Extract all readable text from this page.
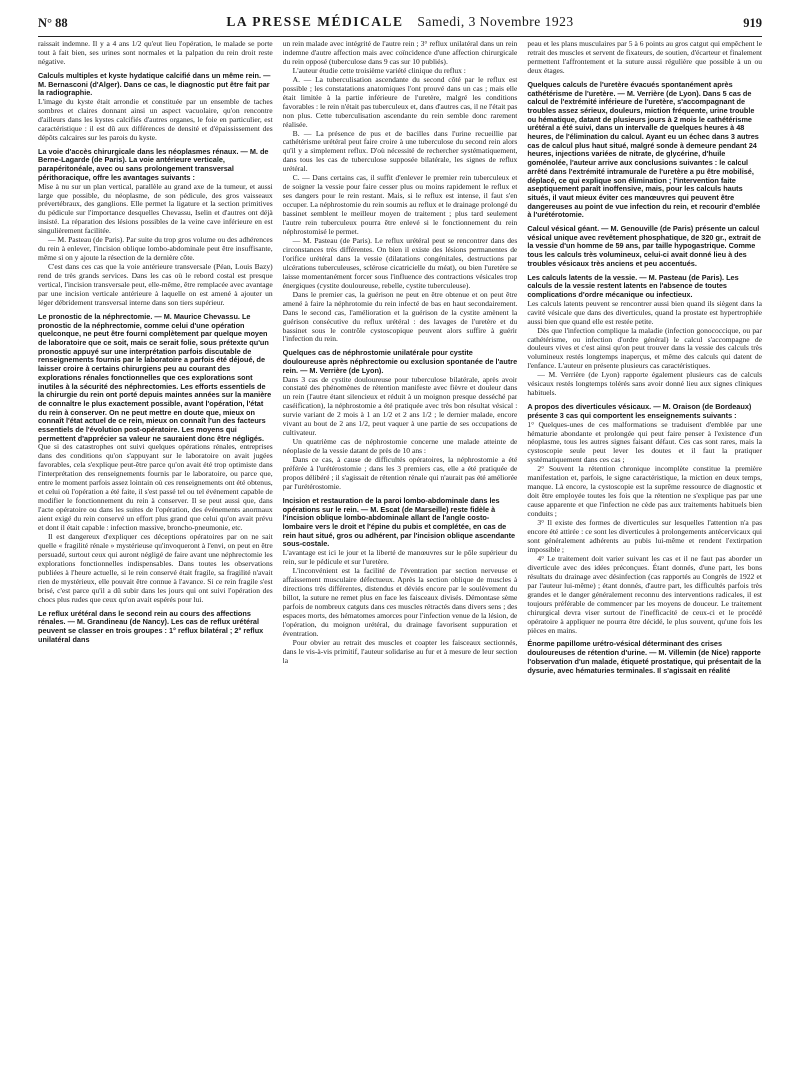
N° 88	LA PRESSE MÉDICALE Samedi, 3 Novembre 1923	919

raissait indemne. Il y a 4 ans 1/2 qu'eut lieu l'opération, le malade se porte tout à fait bien, ses urines sont normales et la palpation du rein droit reste négative.

Calculs multiples et kyste hydatique calcifié dans un même rein. — M. Bernasconi (d'Alger). Dans ce cas, le diagnostic put être fait par la radiographie.

L'image du kyste était arrondie et constituée par un ensemble de taches sombres et claires donnant ainsi un aspect vacuolaire, qu'on rencontre d'ailleurs dans les kystes calcifiés d'autres organes, le foie en particulier, est caractéristique : il est dû aux différences de densité et d'épaississement des dépôts calcaires sur les parois du kyste.

La voie d'accès chirurgicale dans les néoplasmes rénaux. — M. de Berne-Lagarde (de Paris). La voie antérieure verticale, parapéritonéale, avec ou sans prolongement transversal périthoracique, offre les avantages suivants :

Mise à nu sur un plan vertical, parallèle au grand axe de la tumeur, et aussi large que possible, du néoplasme, de son pédicule, des gros vaisseaux prévertébraux, des ganglions. Elle permet la ligature et la section primitives du pédicule sur l'importance desquelles Chevassu, Iselin et d'autres ont déjà insisté. La réparation des lésions possibles de la veine cave inférieure en est singulièrement facilitée.

— M. Pasteau (de Paris). Par suite du trop gros volume ou des adhérences du rein à enlever, l'incision oblique lombo-abdominale peut être insuffisante, même si on y ajoute la résection de la dernière côte.

C'est dans ces cas que la voie antérieure transversale (Péan, Louis Bazy) rend de très grands services. Dans les cas où le rebord costal est presque vertical, l'incision transversale peut, elle-même, être remplacée avec avantage par une incision verticale antérieure à laquelle on est amené à ajouter un léger débridement transversal interne dans son tiers supérieur.

Le pronostic de la néphrectomie. — M. Maurice Chevassu. Le pronostic de la néphrectomie, comme celui d'une opération quelconque, ne peut être fourni complètement par quelque moyen de laboratoire que ce soit, mais ce serait folie, sous prétexte qu'un pronostic appuyé sur une interprétation parfois discutable de renseignements fournis par le laboratoire a parfois été déjoué, de laisser croire à certains chirurgiens peu au courant des explorations rénales fonctionnelles que ces explorations sont inutiles à la sécurité des néphrectomies. Les efforts essentiels de la chirurgie du rein ont porté depuis maintes années sur la manière de connaître le plus exactement possible, avant l'opération, l'état du rein à conserver. On ne peut mettre en doute que, mieux on connaît l'état actuel de ce rein, mieux on connaît l'un des facteurs essentiels de l'évolution post-opératoire. Les moyens qui permettent d'apprécier sa valeur ne sauraient donc être négligés.

Que si des catastrophes ont suivi quelques opérations rénales, entreprises dans des conditions qu'on s'appuyant sur le laboratoire on avait jugées favorables, cela s'explique peut-être parce qu'on avait été trop optimiste dans l'interprétation des renseignements fournis par le laboratoire, ou parce que, entre le moment parfois assez lointain où ces renseignements ont été obtenus, et celui où l'opération a été faite, il s'est passé tel ou tel événement capable de modifier le fonctionnement du rein à conserver. Il se peut aussi que, dans l'acte opératoire ou dans les suites de l'opération, des événements anormaux aient exigé du rein conservé un effort plus grand que celui qu'on avait prévu et dont il était capable : infection massive, broncho-pneumonie, etc.

Il est dangereux d'expliquer ces déceptions opératoires par on ne sait quelle « fragilité rénale » mystérieuse qu'invoqueront à l'envi, on peut en être persuadé, surtout ceux qui auront négligé de faire avant une néphrectomie les explorations fonctionnelles indispensables. Dans toutes les observations publiées à l'heure actuelle, si le rein conservé était fragile, sa fragilité n'avait rien de mystérieux, elle pouvait être connue à l'avance. Si ce rein fragile s'est brisé, c'est parce qu'il a dû subir dans les jours qui ont suivi l'opération des chocs plus rudes que ceux qu'on avait espérés pour lui.

Le reflux urétéral dans le second rein au cours des affections rénales. — M. Grandineau (de Nancy). Les cas de reflux urétéral peuvent se classer en trois groupes : 1° reflux bilatéral ; 2° reflux unilatéral dans

un rein malade avec intégrité de l'autre rein ; 3° reflux unilatéral dans un rein indemne d'autre affection mais avec coïncidence d'une affection chirurgicale du rein opposé (tuberculose dans 9 cas sur 10 publiés).

L'auteur étudie cette troisième variété clinique du reflux :

A. — La tuberculisation ascendante du second côté par le reflux est possible ; les constatations anatomiques l'ont prouvé dans un cas ; mais elle était limitée à la partie inférieure de l'uretère, malgré les conditions favorables : le rein n'était pas tuberculeux et, dans d'autres cas, il ne l'était pas non plus. Cette tuberculisation ascendante du rein semble donc rarement réalisée.

B. — La présence de pus et de bacilles dans l'urine recueillie par cathétérisme urétéral peut faire croire à une tuberculose du second rein alors qu'il y a simplement reflux. D'où nécessité de rechercher systématiquement, dans tous les cas de tuberculose supposée bilatérale, les signes de reflux urétéral.

C. — Dans certains cas, il suffit d'enlever le premier rein tuberculeux et de soigner la vessie pour faire cesser plus ou moins rapidement le reflux et ses dangers pour le rein restant. Mais, si le reflux est intense, il faut s'en occuper. La néphrostomie du rein soumis au reflux et le drainage prolongé du bassinet semblent le meilleur moyen de traitement ; plus tard seulement l'autre rein tuberculeux pourra être enlevé si le fonctionnement du rein néphrostomisé le permet.

— M. Pasteau (de Paris). Le reflux urétéral peut se rencontrer dans des circonstances très différentes. On bien il existe des lésions permanentes de l'orifice urétéral dans la vessie (dilatations congénitales, destructions par ulcérations tuberculeuses, sclérose cicatricielle du méat), ou bien l'uretère se laisse momentanément forcer sous l'influence des contractions vésicales trop énergiques (cystite douloureuse, rebelle, cystite tuberculeuse).

Dans le premier cas, la guérison ne peut en être obtenue et on peut être amené à faire la néphrotomie du rein infecté de bas en haut secondairement. Dans le second cas, l'amélioration et la guérison de la cystite amènent la guérison consécutive du reflux urétéral : des lavages de l'uretère et du bassinet sous le contrôle cystoscopique peuvent alors suffire à guérir l'infection du rein.

Quelques cas de néphrostomie unilatérale pour cystite douloureuse après néphrectomie ou exclusion spontanée de l'autre rein. — M. Verrière (de Lyon).

Dans 3 cas de cystite douloureuse pour tuberculose bilatérale, après avoir constaté des phénomènes de rétention manifeste avec fièvre et douleur dans un rein (l'autre étant silencieux et réduit à un moignon presque desséché par caséification), la néphrostomie a été pratiquée avec très bon résultat vésical : survie variant de 2 mois à 1 an 1/2 et 2 ans 1/2 ; le dernier malade, encore vivant au bout de 2 ans 1/2, peut vaquer à une partie de ses occupations de cultivateur.

Un quatrième cas de néphrostomie concerne une malade atteinte de néoplasie de la vessie datant de près de 10 ans :

Dans ce cas, à cause de difficultés opératoires, la néphrostomie a été préférée à l'urétérostomie ; dans les 3 premiers cas, elle a été pratiquée de propos délibéré ; il s'agissait de rétention rénale qui n'aurait pas été améliorée par l'urétérostomie.

Incision et restauration de la paroi lombo-abdominale dans les opérations sur le rein. — M. Escat (de Marseille) reste fidèle à l'incision oblique lombo-abdominale allant de l'angle costo-lombaire vers le droit et l'épine du pubis et complétée, en cas de rein haut situé, gros ou adhérent, par l'incision oblique ascendante sous-costale.

L'avantage est ici le jour et la liberté de manœuvres sur le pôle supérieur du rein, sur le pédicule et sur l'uretère.

L'inconvénient est la facilité de l'éventration par section nerveuse et affaissement musculaire défectueux. Après la section oblique de muscles à directions très différentes, distendus et déviés encore par le soulèvement du billot, la suture ne remet plus en face les faisceaux divisés. Démontase sème parfois de nombreux catguts dans ces muscles rétractés dans divers sens ; des espaces morts, des hématomes amorces pour l'infection venue de la lésion, de l'opération, du moignon urétéral, du drainage favorisent suppuration et éventration.

Pour obvier au retrait des muscles et coapter les faisceaux sectionnés, dans le vis-à-vis primitif, l'auteur solidarise au fur et à mesure de leur section la

peau et les plans musculaires par 5 à 6 points au gros catgut qui empêchent le retrait des muscles et servent de fixateurs, de soutien, d'écarteur et finalement permettent l'affrontement et la suture aussi régulière que possible à un ou deux étages.

Quelques calculs de l'uretère évacués spontanément après cathétérisme de l'uretère. — M. Verrière (de Lyon). Dans 5 cas de calcul de l'extrémité inférieure de l'uretère, s'accompagnant de troubles assez sérieux, douleurs, miction fréquente, urine trouble ou hématique, datant de plusieurs jours à 2 mois le cathétérisme urétéral a été suivi, dans un intervalle de quelques heures à 48 heures, de l'élimination du calcul. Ayant eu un échec dans 3 autres cas de calcul plus haut situé, malgré sonde à demeure pendant 24 heures, injections variées de nitrate, de glycérine, d'huile goménolée, l'auteur arrive aux conclusions suivantes : le calcul arrêté dans l'extrémité intramurale de l'uretère a pu être mobilisé, déplacé, ce qui explique son élimination ; l'intervention faite aseptiquement paraît inoffensive, mais, pour les calculs hauts situés, il vaut mieux éviter ces manœuvres qui peuvent être dangereuses au point de vue infection du rein, et recourir d'emblée à l'urétérotomie.
Calcul vésical géant. — M. Genouville (de Paris) présente un calcul vésical unique avec revêtement phosphatique, de 320 gr., extrait de la vessie d'un homme de 59 ans, par taille hypogastrique. Comme tous les calculs très volumineux, celui-ci avait donné lieu à des troubles vésicaux très anciens et peu accentués.
Les calculs latents de la vessie. — M. Pasteau (de Paris). Les calculs de la vessie restent latents en l'absence de toutes complications d'ordre mécanique ou infectieux.

Les calculs latents peuvent se rencontrer aussi bien quand ils siègent dans la cavité vésicale que dans des diverticules, quand la prostate est hypertrophiée aussi bien que quand elle est restée petite.

Dès que l'infection complique la maladie (infection gonococcique, ou par cathétérisme, ou infection d'ordre général) le calcul s'accompagne de douleurs vives et c'est ainsi qu'on peut trouver dans la vessie des calculs très volumineux restés longtemps inaperçus, et même des calculs qui datent de l'enfance. L'auteur en présente plusieurs cas caractéristiques.

— M. Verrière (de Lyon) rapporte également plusieurs cas de calculs vésicaux restés longtemps tolérés sans avoir donné lieu aux signes cliniques habituels.

A propos des diverticules vésicaux. — M. Oraison (de Bordeaux) présente 3 cas qui comportent les enseignements suivants :

1° Quelques-unes de ces malformations se traduisent d'emblée par une hématurie abondante et prolongée qui peut faire penser à l'existence d'un néoplasme, tous les autres signes faisant défaut. Ces cas sont rares, mais la cystoscopie seule peut lever les doutes et il faut la pratiquer systématiquement dans ces cas ;

2° Souvent la rétention chronique incomplète constitue la première manifestation et, parfois, le signe caractéristique, la miction en deux temps, manque. Là encore, la cystoscopie est la suprême ressource de diagnostic et doit être employée toutes les fois que la rétention ne s'explique pas par une cause apparente et que l'infection ne cède pas aux traitements habituels bien conduits ;

3° Il existe des formes de diverticules sur lesquelles l'attention n'a pas encore été attirée : ce sont les diverticules à prolongements antécervicaux qui sont généralement adhérents au pubis lui-même et rendent l'extirpation impossible ;

4° Le traitement doit varier suivant les cas et il ne faut pas aborder un diverticule avec des idées préconçues. Étant donnés, d'une part, les bons résultats du drainage avec désinfection (cas rapportés au Congrès de 1922 et par l'auteur lui-même) ; étant donnés, d'autre part, les difficultés parfois très grandes et le danger généralement reconnu des interventions radicales, il est toujours préférable de commencer par les moyens de douceur. Le traitement chirurgical devra viser surtout de l'inefficacité de ceux-ci et le procédé opératoire à appliquer ne pourra être décidé, le plus souvent, qu'une fois les pièces en mains.

Énorme papillome urétro-vésical déterminant des crises douloureuses de rétention d'urine. — M. Villemin (de Nice) rapporte l'observation d'un malade, étiqueté prostatique, qui présentait de la dysurie, avec hématuries terminales. Il s'agissait en réalité
